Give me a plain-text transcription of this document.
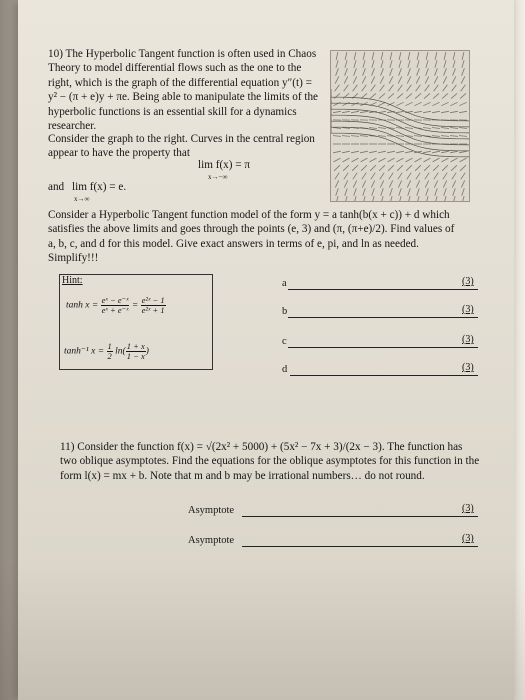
10) The Hyperbolic Tangent function is often used in Chaos Theory to model differential flows such as the one to the right, which is the graph of the differential equation y″(t) = y² − (π + e)y + πe. Being able to manipulate the limits of the hyperbolic functions is an essential skill for a dynamics researcher.
Consider the graph to the right. Curves in the central region appear to have the property that
lim f(x) = π
x→−∞
and lim f(x) = e.
x→∞
Consider a Hyperbolic Tangent function model of the form y = a tanh(b(x + c)) + d which satisfies the above limits and goes through the points (e, 3) and (π, (π+e)/2). Find values of a, b, c, and d for this model. Give exact answers in terms of e, pi, and ln as needed. Simplify!!!
Hint:
$\tanh x = \frac{\text{eˣ − e⁻ˣ}}{\text{eˣ + e⁻ˣ}} = \frac{\text{e²ˣ − 1}}{\text{e²ˣ + 1}}$
tanh⁻¹ $x = \frac{1}{2} \ln( \frac{1 + x}{1 - x}$ )
a	(3)
b	(3)
c	(3)
d	(3)
11) Consider the function f(x) = √(2x² + 5000) + (5x² − 7x + 3)/(2x − 3). The function has two oblique asymptotes. Find the equations for the oblique asymptotes for this function in the form l(x) = mx + b. Note that m and b may be irrational numbers… do not round.
Asymptote	(3)
Asymptote	(3)
